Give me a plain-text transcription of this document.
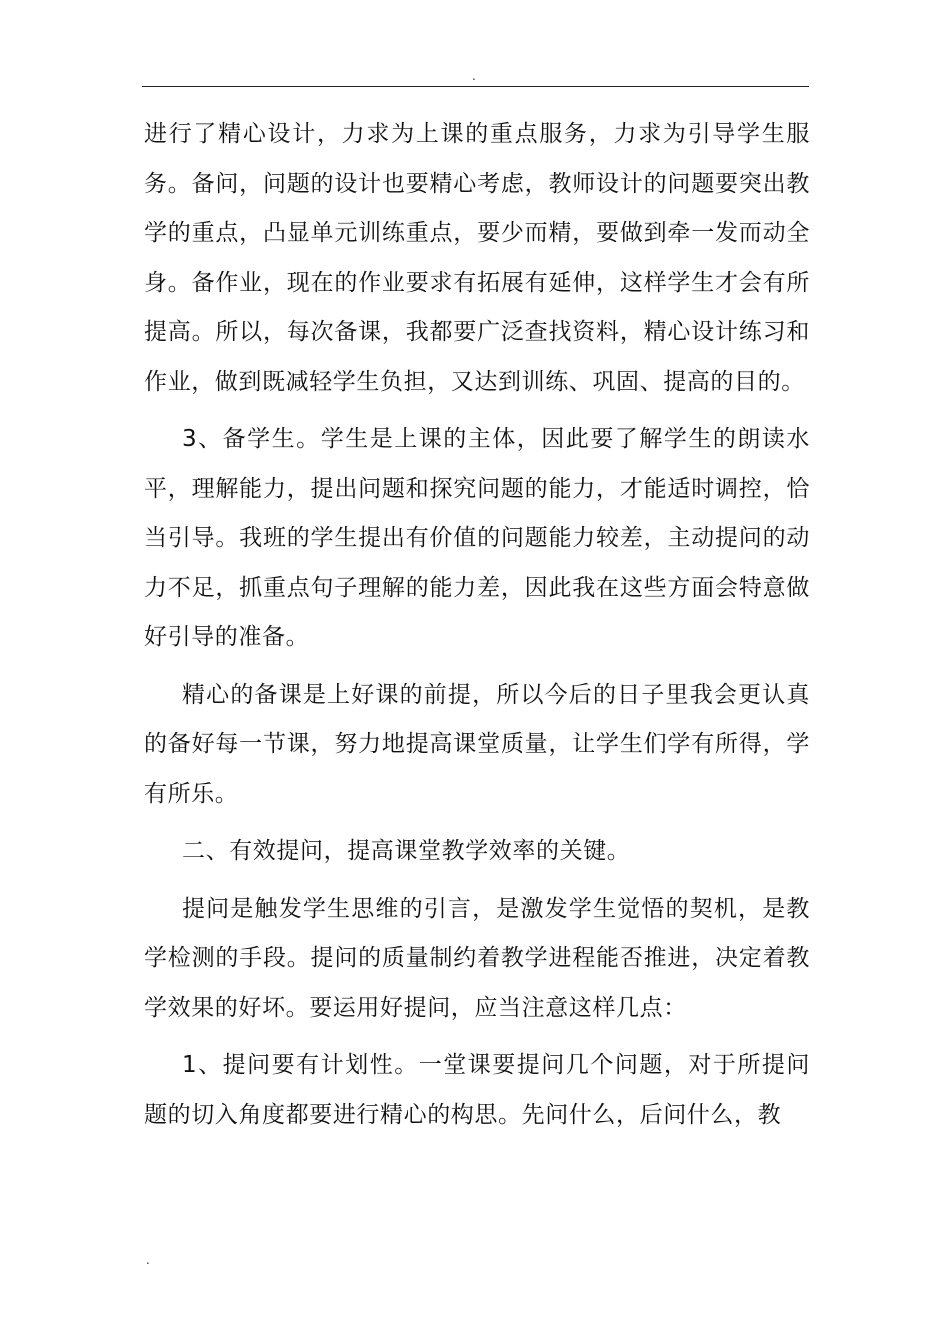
.

进行了精心设计，力求为上课的重点服务，力求为引导学生服务。备问，问题的设计也要精心考虑，教师设计的问题要突出教学的重点，凸显单元训练重点，要少而精，要做到牵一发而动全身。备作业，现在的作业要求有拓展有延伸，这样学生才会有所提高。所以，每次备课，我都要广泛查找资料，精心设计练习和作业，做到既减轻学生负担，又达到训练、巩固、提高的目的。

3、备学生。学生是上课的主体，因此要了解学生的朗读水平，理解能力，提出问题和探究问题的能力，才能适时调控，恰当引导。我班的学生提出有价值的问题能力较差，主动提问的动力不足，抓重点句子理解的能力差，因此我在这些方面会特意做好引导的准备。

精心的备课是上好课的前提，所以今后的日子里我会更认真的备好每一节课，努力地提高课堂质量，让学生们学有所得，学有所乐。

二、有效提问，提高课堂教学效率的关键。

提问是触发学生思维的引言，是激发学生觉悟的契机，是教学检测的手段。提问的质量制约着教学进程能否推进，决定着教学效果的好坏。要运用好提问，应当注意这样几点：

1、提问要有计划性。一堂课要提问几个问题，对于所提问题的切入角度都要进行精心的构思。先问什么，后问什么，教

.
